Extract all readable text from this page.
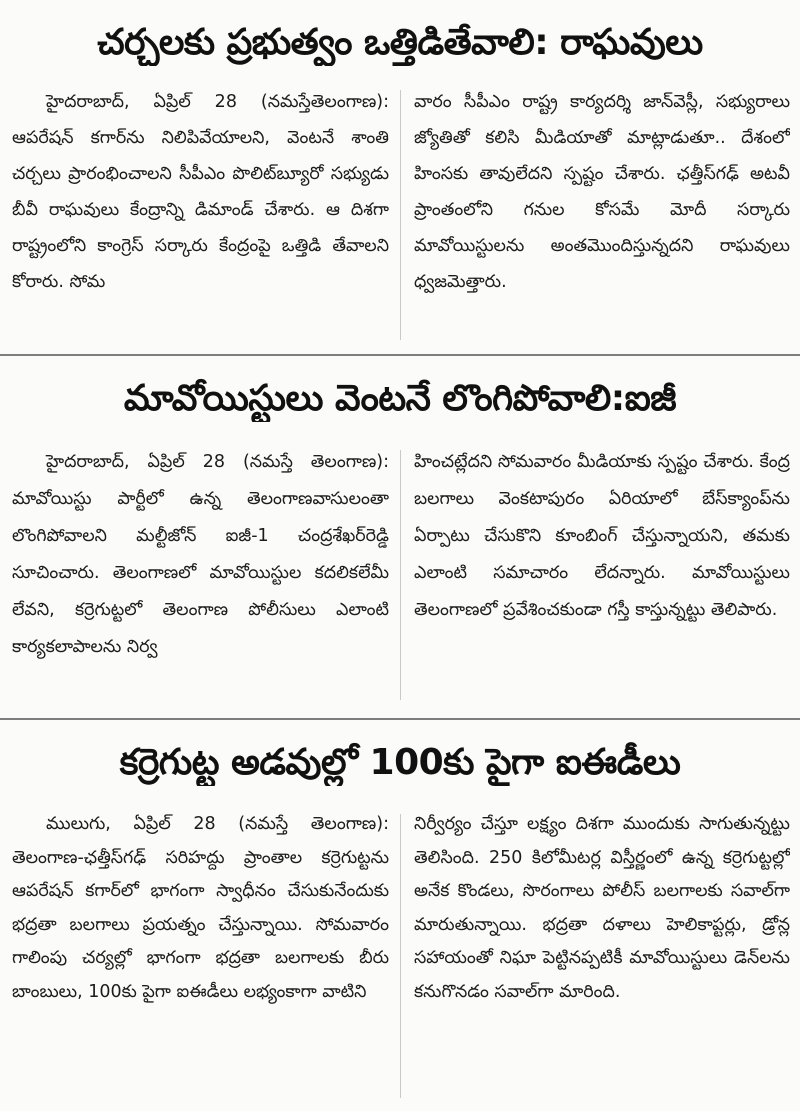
చర్చలకు ప్రభుత్వం ఒత్తిడితేవాలి: రాఘవులు

హైదరాబాద్, ఏప్రిల్ 28 (నమస్తేతెలంగాణ): ఆపరేషన్ కగార్‌ను నిలిపివేయాలని, వెంటనే శాంతి చర్చలు ప్రారంభించాలని సీపీఎం పొలిట్‌బ్యూరో సభ్యుడు బీవీ రాఘవులు కేంద్రాన్ని డిమాండ్ చేశారు. ఆ దిశగా రాష్ట్రంలోని కాంగ్రెస్ సర్కారు కేంద్రంపై ఒత్తిడి తేవాలని కోరారు. సోమ

వారం సీపీఎం రాష్ట్ర కార్యదర్శి జాన్‌వెస్లీ, సభ్యురాలు జ్యోతితో కలిసి మీడియాతో మాట్లాడుతూ.. దేశంలో హింసకు తావులేదని స్పష్టం చేశారు. ఛత్తీస్‌గఢ్ అటవీ ప్రాంతంలోని గనుల కోసమే మోదీ సర్కారు మావోయిస్టులను అంతమొందిస్తున్నదని రాఘవులు ధ్వజమెత్తారు.

మావోయిస్టులు వెంటనే లొంగిపోవాలి:ఐజీ

హైదరాబాద్, ఏప్రిల్ 28 (నమస్తే తెలంగాణ): మావోయిస్టు పార్టీలో ఉన్న తెలంగాణవాసులంతా లొంగిపోవాలని మల్టీజోన్ ఐజీ-1 చంద్రశేఖర్‌రెడ్డి సూచించారు. తెలంగాణలో మావోయిస్టుల కదలికలేమీ లేవని, కర్రెగుట్టలో తెలంగాణ పోలీసులు ఎలాంటి కార్యకలాపాలను నిర్వ

హించట్లేదని సోమవారం మీడియాకు స్పష్టం చేశారు. కేంద్ర బలగాలు వెంకటాపురం ఏరియాలో బేస్‌క్యాంప్‌ను ఏర్పాటు చేసుకొని కూంబింగ్ చేస్తున్నాయని, తమకు ఎలాంటి సమాచారం లేదన్నారు. మావోయిస్టులు తెలంగాణలో ప్రవేశించకుండా గస్తీ కాస్తున్నట్టు తెలిపారు.

కర్రెగుట్ట అడవుల్లో 100కు పైగా ఐఈడీలు

ములుగు, ఏప్రిల్ 28 (నమస్తే తెలంగాణ): తెలంగాణ-ఛత్తీస్‌గఢ్ సరిహద్దు ప్రాంతాల కర్రెగుట్టను ఆపరేషన్ కగార్‌లో భాగంగా స్వాధీనం చేసుకునేందుకు భద్రతా బలగాలు ప్రయత్నం చేస్తున్నాయి. సోమవారం గాలింపు చర్యల్లో భాగంగా భద్రతా బలగాలకు బీరు బాంబులు, 100కు పైగా ఐఈడీలు లభ్యంకాగా వాటిని

నిర్వీర్యం చేస్తూ లక్ష్యం దిశగా ముందుకు సాగుతున్నట్టు తెలిసింది. 250 కిలోమీటర్ల విస్తీర్ణంలో ఉన్న కర్రెగుట్టల్లో అనేక కొండలు, సొరంగాలు పోలీస్ బలగాలకు సవాల్‌గా మారుతున్నాయి. భద్రతా దళాలు హెలికాప్టర్లు, డ్రోన్ల సహాయంతో నిఘా పెట్టినప్పటికీ మావోయిస్టులు డెన్‌లను కనుగొనడం సవాల్‌గా మారింది.
